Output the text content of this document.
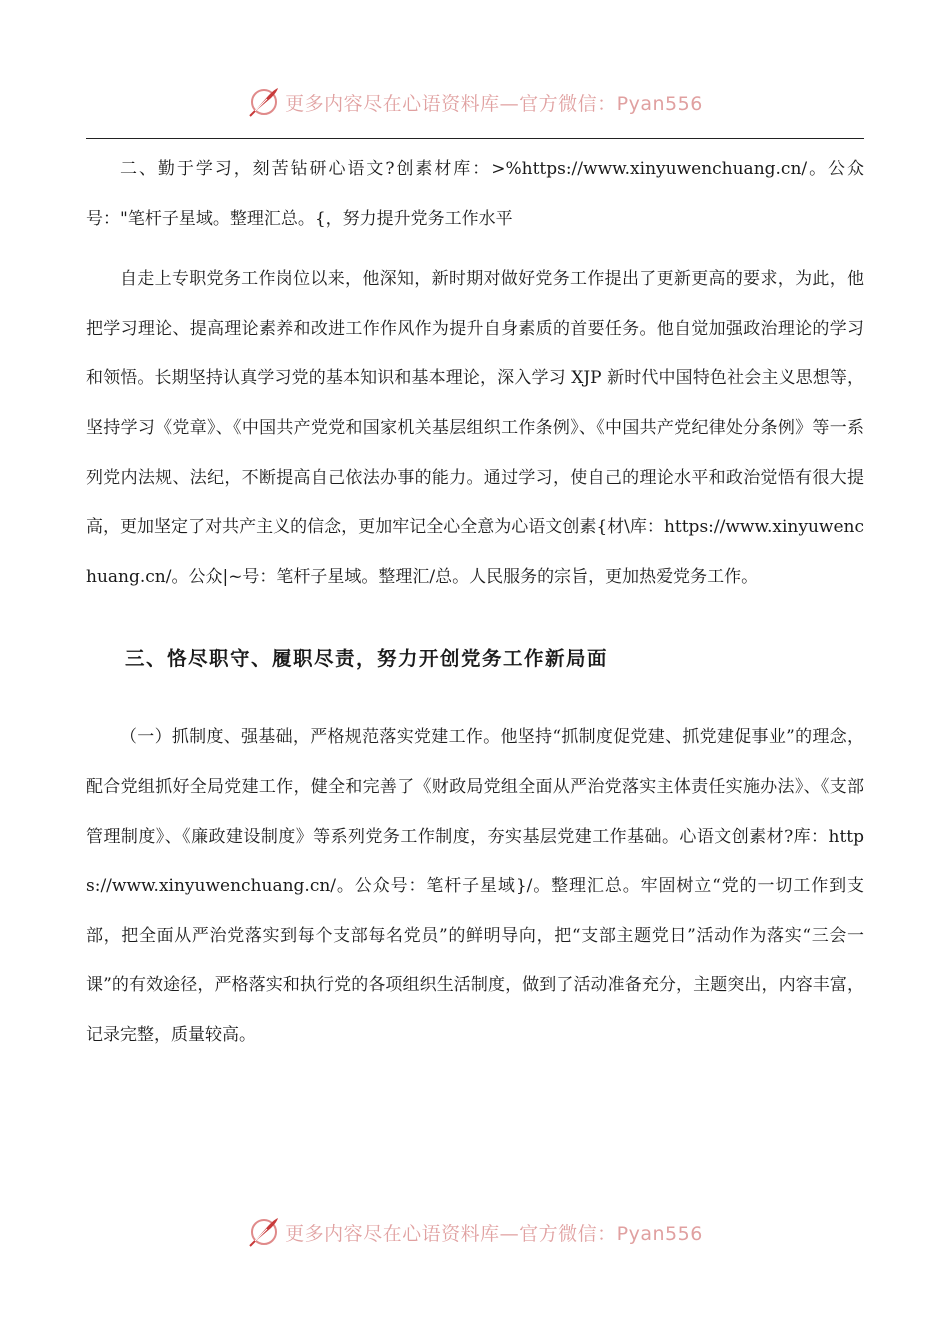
更多内容尽在心语资料库—官方微信：Pyan556

二、勤于学习，刻苦钻研心语文?创素材库：>%https://www.xinyuwenchuang.cn/。公众号："笔杆子星域。整理汇总。{，努力提升党务工作水平

自走上专职党务工作岗位以来，他深知，新时期对做好党务工作提出了更新更高的要求，为此，他把学习理论、提高理论素养和改进工作作风作为提升自身素质的首要任务。他自觉加强政治理论的学习和领悟。长期坚持认真学习党的基本知识和基本理论，深入学习 XJP 新时代中国特色社会主义思想等，坚持学习《党章》、《中国共产党党和国家机关基层组织工作条例》、《中国共产党纪律处分条例》等一系列党内法规、法纪，不断提高自己依法办事的能力。通过学习，使自己的理论水平和政治觉悟有很大提高，更加坚定了对共产主义的信念，更加牢记全心全意为心语文创素{材\库：https://www.xinyuwenchuang.cn/。公众|~号：笔杆子星域。整理汇/总。人民服务的宗旨，更加热爱党务工作。

三、恪尽职守、履职尽责，努力开创党务工作新局面

（一）抓制度、强基础，严格规范落实党建工作。他坚持“抓制度促党建、抓党建促事业”的理念，配合党组抓好全局党建工作，健全和完善了《财政局党组全面从严治党落实主体责任实施办法》、《支部管理制度》、《廉政建设制度》等系列党务工作制度，夯实基层党建工作基础。心语文创素材?库：https://www.xinyuwenchuang.cn/。公众号：笔杆子星域}/。整理汇总。牢固树立“党的一切工作到支部，把全面从严治党落实到每个支部每名党员”的鲜明导向，把“支部主题党日”活动作为落实“三会一课”的有效途径，严格落实和执行党的各项组织生活制度，做到了活动准备充分，主题突出，内容丰富，记录完整，质量较高。

更多内容尽在心语资料库—官方微信：Pyan556
